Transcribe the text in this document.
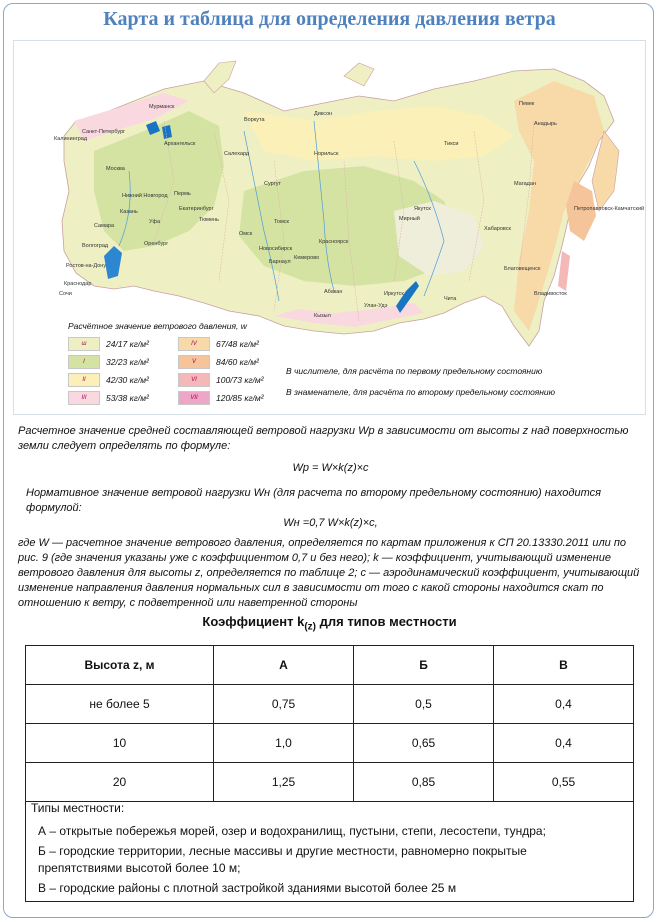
Карта и таблица для определения давления ветра
Расчётное значение ветрового давления, w
ш	24/17 кг/м²	IV	67/48 кг/м²
I	32/23 кг/м²	V	84/60 кг/м²
II	42/30 кг/м²	VI	100/73 кг/м²
III	53/38 кг/м²	VII	120/85 кг/м²
В числителе, для расчёта по первому предельному состоянию
В знаменателе, для расчёта по второму предельному состоянию
Мурманск
Калининград
Санкт-Петербург
Архангельск
Воркута
Москва
Нижний Новгород
Казань
Самара
Волгоград
Ростов-на-Дону
Краснодар
Сочи
Екатеринбург
Пермь
Уфа
Оренбург
Тюмень
Омск
Новосибирск
Томск
Барнаул
Кемерово
Красноярск
Норильск
Иркутск
Чита
Якутск
Магадан
Хабаровск
Владивосток
Петропавловск-Камчатский
Анадырь
Певек
Диксон
Салехард
Сургут
Тикси
Мирный
Благовещенск
Улан-Удэ
Абакан
Кызыл
Расчетное значение средней составляющей ветровой нагрузки Wp в зависимости от высоты z над поверхностью земли следует определять по формуле:
Wp = W×k(z)×c
Нормативное значение ветровой нагрузки Wн (для расчета по второму предельному состоянию) находится формулой:
Wн =0,7 W×k(z)×c,
где W — расчетное значение ветрового давления, определяется по картам приложения к СП 20.13330.2011 или по рис. 9 (где значения указаны уже с коэффициентом 0,7 и без него); k — коэффициент, учитывающий изменение ветрового давления для высоты z, определяется по таблице 2; c — аэродинамический коэффициент, учитывающий изменение направления давления нормальных сил в зависимости от того с какой стороны находится скат по отношению к ветру, с подветренной или наветренной стороны
Коэффициент $k_{(z)}$ для типов местности
Высота z, м	А	Б	В
не более 5	0,75	0,5	0,4
10	1,0	0,65	0,4
20	1,25	0,85	0,55
Типы местности:
А – открытые побережья морей, озер и водохранилищ, пустыни, степи, лесостепи, тундра;
Б – городские территории, лесные массивы и другие местности, равномерно покрытые препятствиями высотой более 10 м;
В – городские районы с плотной застройкой зданиями высотой более 25 м
